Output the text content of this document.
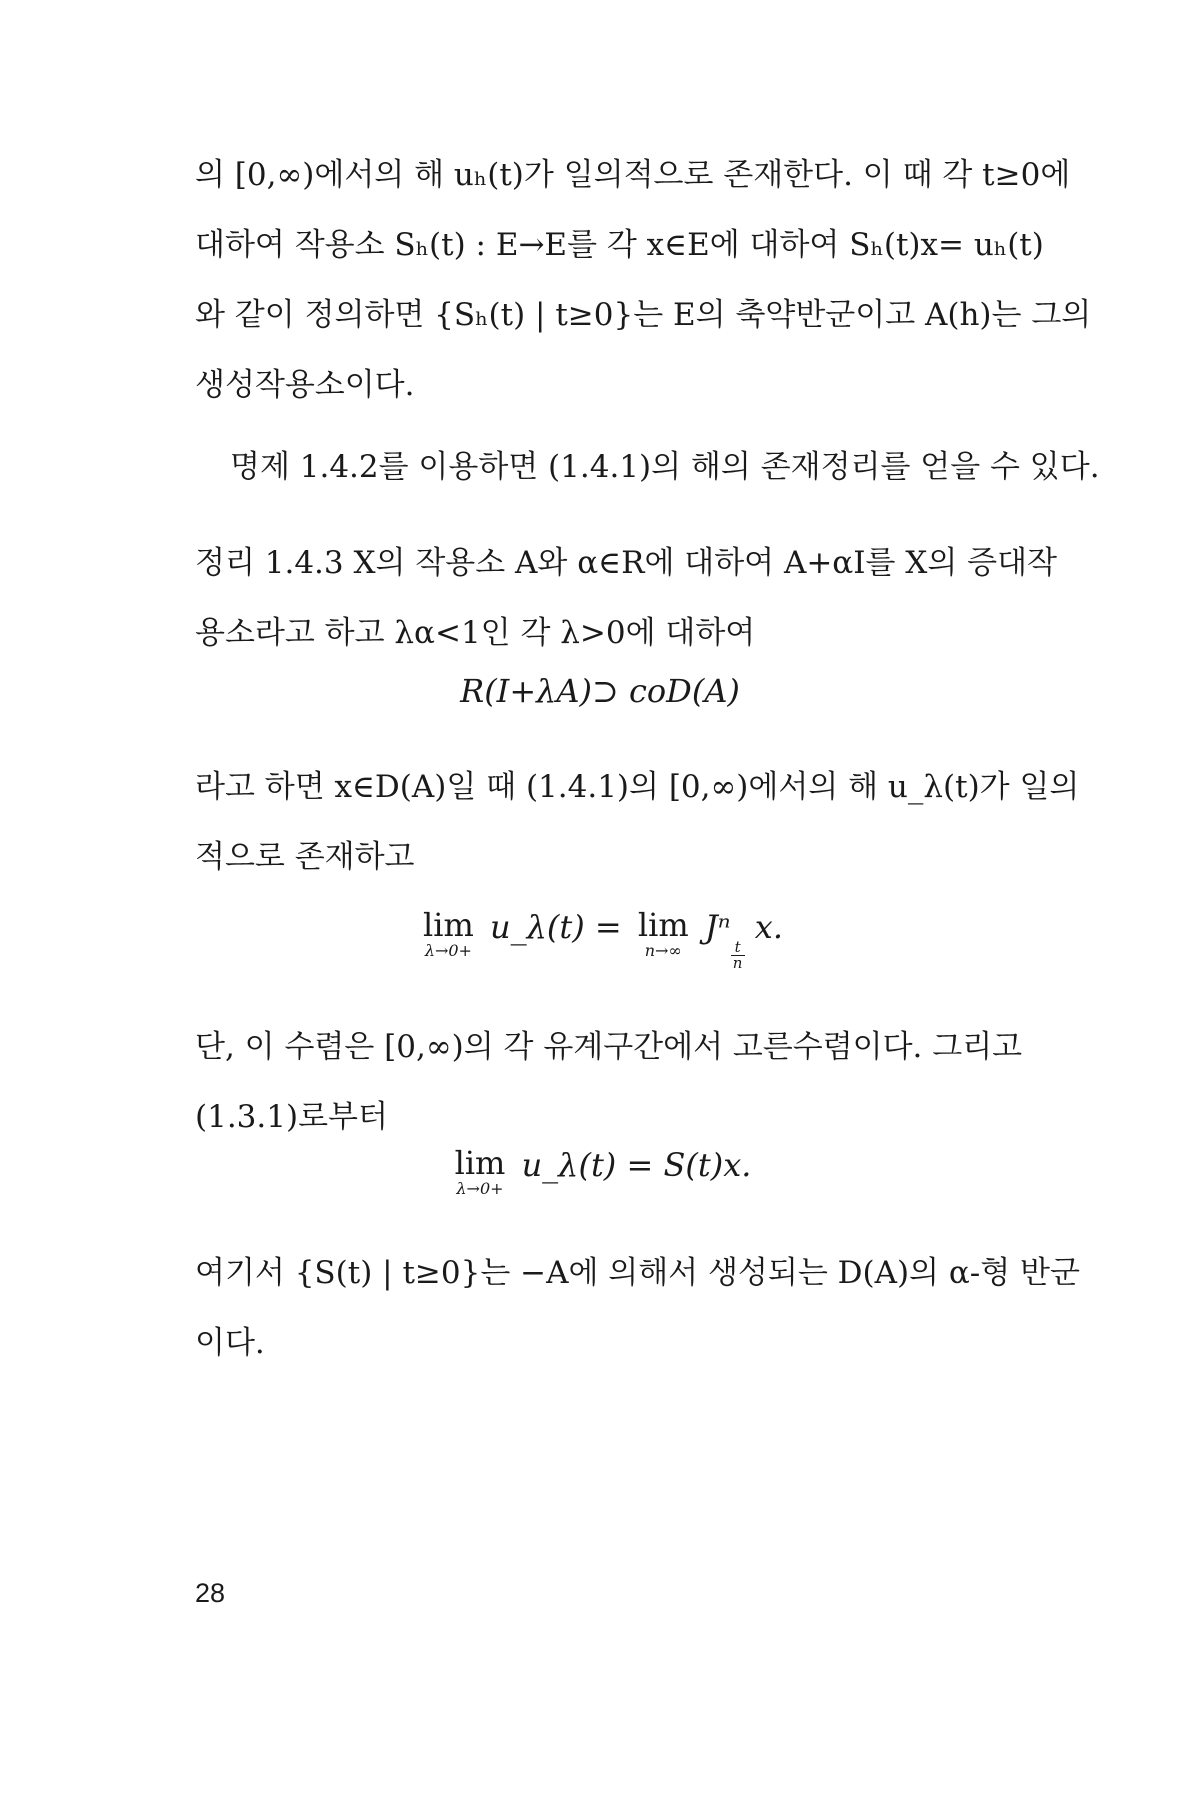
의 [0,∞)에서의 해 uₕ(t)가 일의적으로 존재한다. 이 때 각 t≥0에
대하여 작용소 Sₕ(t) : E→E를 각 x∈E에 대하여 Sₕ(t)x= uₕ(t)
와 같이 정의하면 {Sₕ(t) | t≥0}는 E의 축약반군이고 A(h)는 그의
생성작용소이다.

명제 1.4.2를 이용하면 (1.4.1)의 해의 존재정리를 얻을 수 있다.

정리 1.4.3 X의 작용소 A와 α∈R에 대하여 A+αI를 X의 증대작
용소라고 하고 λα<1인 각 λ>0에 대하여

R(I+λA)⊃ coD(A)

라고 하면 x∈D(A)일 때 (1.4.1)의 [0,∞)에서의 해 u_λ(t)가 일의
적으로 존재하고

lim
λ→0+
u_λ(t) = lim
n→∞
Jⁿ
$\frac{t}{n}$
x.

단, 이 수렴은 [0,∞)의 각 유계구간에서 고른수렴이다. 그리고
(1.3.1)로부터

lim
λ→0+
u_λ(t) = S(t)x.

여기서 {S(t) | t≥0}는 −A에 의해서 생성되는 D(A)의 α-형 반군
이다.

28
